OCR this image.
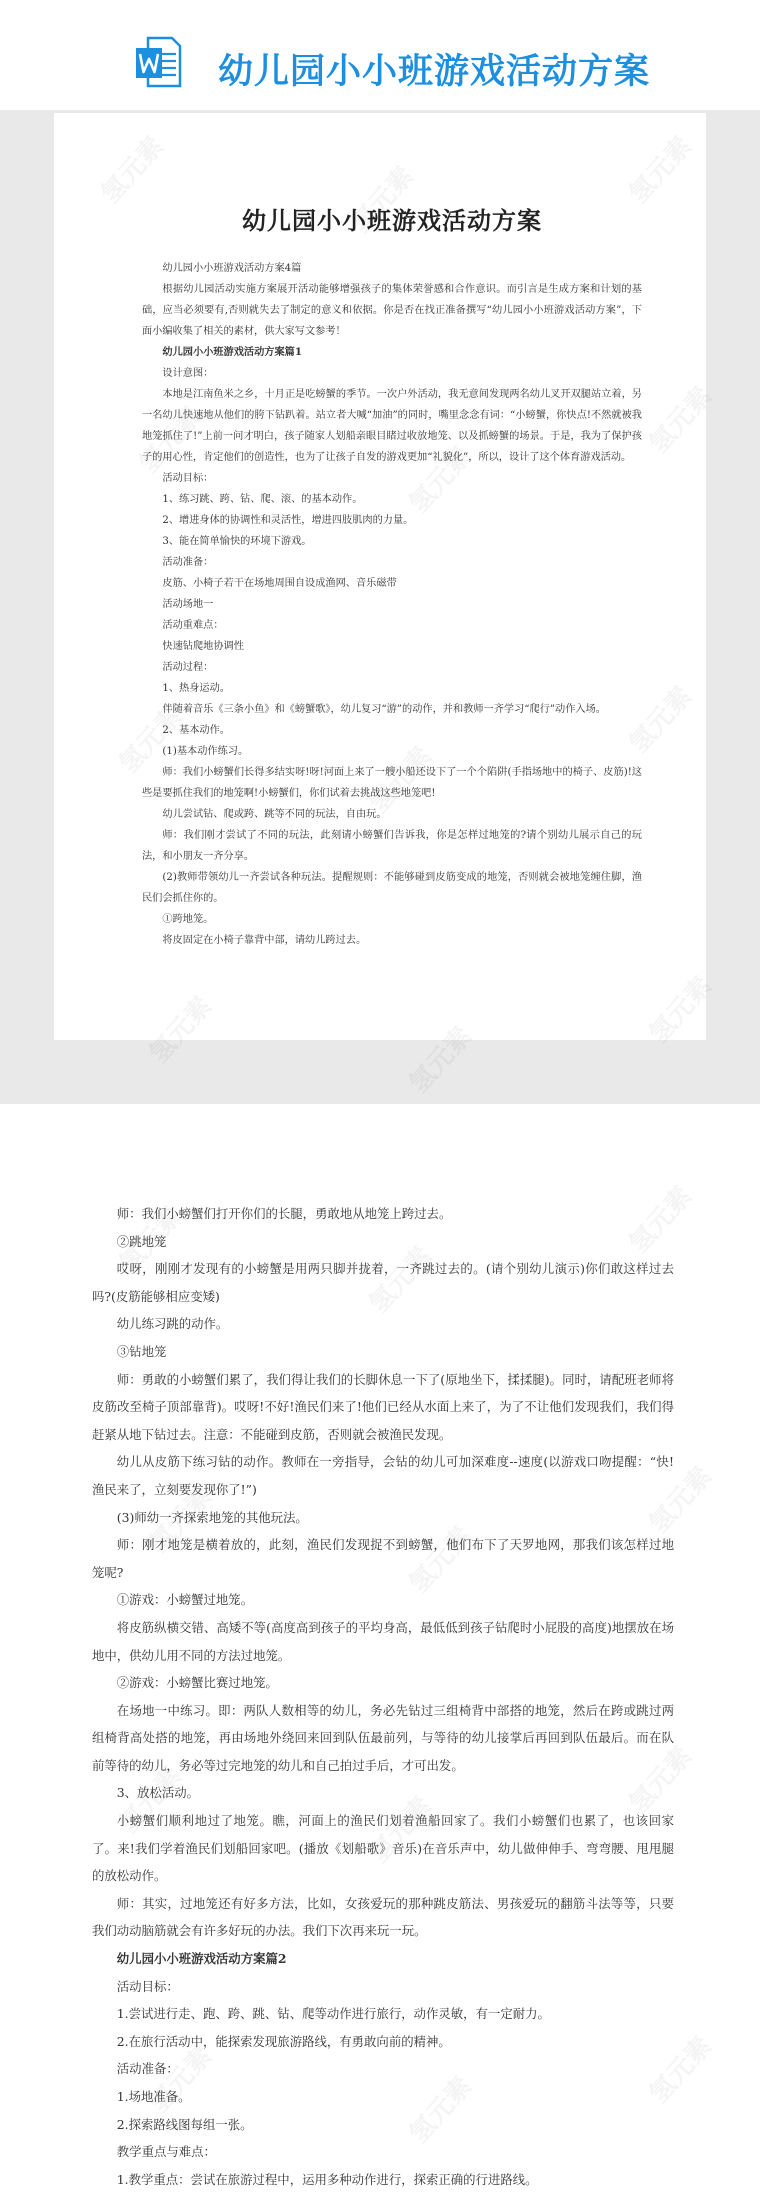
幼儿园小小班游戏活动方案
幼儿园小小班游戏活动方案

幼儿园小小班游戏活动方案4篇

根据幼儿园活动实施方案展开活动能够增强孩子的集体荣誉感和合作意识。而引言是生成方案和计划的基础，应当必须要有,否则就失去了制定的意义和依据。你是否在找正准备撰写“幼儿园小小班游戏活动方案”，下面小编收集了相关的素材，供大家写文参考！

幼儿园小小班游戏活动方案篇1

设计意图：

本地是江南鱼米之乡，十月正是吃螃蟹的季节。一次户外活动，我无意间发现两名幼儿叉开双腿站立着，另一名幼儿快速地从他们的胯下钻趴着。站立者大喊“加油”的同时，嘴里念念有词：“小螃蟹，你快点!不然就被我地笼抓住了!”上前一问才明白，孩子随家人划船亲眼目睹过收放地笼、以及抓螃蟹的场景。于是，我为了保护孩子的用心性，肯定他们的创造性，也为了让孩子自发的游戏更加“礼貌化”，所以，设计了这个体育游戏活动。

活动目标：

1、练习跳、跨、钻、爬、滚、的基本动作。

2、增进身体的协调性和灵活性，增进四肢肌肉的力量。

3、能在简单愉快的环境下游戏。

活动准备：

皮筋、小椅子若干在场地周围自设成渔网、音乐磁带

活动场地一

活动重难点：

快速钻爬地协调性

活动过程：

1、热身运动。

伴随着音乐《三条小鱼》和《螃蟹歌》，幼儿复习“游”的动作，并和教师一齐学习“爬行”动作入场。

2、基本动作。

(1)基本动作练习。

师：我们小螃蟹们长得多结实呀!呀!河面上来了一艘小船还设下了一个个陷阱(手指场地中的椅子、皮筋)!这些是要抓住我们的地笼啊!小螃蟹们，你们试着去挑战这些地笼吧!

幼儿尝试钻、爬或跨、跳等不同的玩法，自由玩。

师：我们刚才尝试了不同的玩法，此刻请小螃蟹们告诉我，你是怎样过地笼的?请个别幼儿展示自己的玩法，和小朋友一齐分享。

(2)教师带领幼儿一齐尝试各种玩法。提醒规则：不能够碰到皮筋变成的地笼，否则就会被地笼缠住脚，渔民们会抓住你的。

①跨地笼。

将皮固定在小椅子靠背中部，请幼儿跨过去。

师：我们小螃蟹们打开你们的长腿，勇敢地从地笼上跨过去。

②跳地笼

哎呀，刚刚才发现有的小螃蟹是用两只脚并拢着，一齐跳过去的。(请个别幼儿演示)你们敢这样过去吗?(皮筋能够相应变矮)

幼儿练习跳的动作。

③钻地笼

师：勇敢的小螃蟹们累了，我们得让我们的长脚休息一下了(原地坐下，揉揉腿)。同时，请配班老师将皮筋改至椅子顶部靠背)。哎呀!不好!渔民们来了!他们已经从水面上来了，为了不让他们发现我们，我们得赶紧从地下钻过去。注意：不能碰到皮筋，否则就会被渔民发现。

幼儿从皮筋下练习钻的动作。教师在一旁指导，会钻的幼儿可加深难度--速度(以游戏口吻提醒：“快!渔民来了，立刻要发现你了!”)

(3)师幼一齐探索地笼的其他玩法。

师：刚才地笼是横着放的，此刻，渔民们发现捉不到螃蟹，他们布下了天罗地网，那我们该怎样过地笼呢?

①游戏：小螃蟹过地笼。

将皮筋纵横交错、高矮不等(高度高到孩子的平均身高，最低低到孩子钻爬时小屁股的高度)地摆放在场地中，供幼儿用不同的方法过地笼。

②游戏：小螃蟹比赛过地笼。

在场地一中练习。即：两队人数相等的幼儿，务必先钻过三组椅背中部搭的地笼，然后在跨或跳过两组椅背高处搭的地笼，再由场地外绕回来回到队伍最前列，与等待的幼儿接掌后再回到队伍最后。而在队前等待的幼儿，务必等过完地笼的幼儿和自己拍过手后，才可出发。

3、放松活动。

小螃蟹们顺利地过了地笼。瞧，河面上的渔民们划着渔船回家了。我们小螃蟹们也累了，也该回家了。来!我们学着渔民们划船回家吧。(播放《划船歌》音乐)在音乐声中，幼儿做伸伸手、弯弯腰、甩甩腿的放松动作。

师：其实，过地笼还有好多方法，比如，女孩爱玩的那种跳皮筋法、男孩爱玩的翻筋斗法等等，只要我们动动脑筋就会有许多好玩的办法。我们下次再来玩一玩。

幼儿园小小班游戏活动方案篇2

活动目标：

1.尝试进行走、跑、跨、跳、钻、爬等动作进行旅行，动作灵敏，有一定耐力。

2.在旅行活动中，能探索发现旅游路线，有勇敢向前的精神。

活动准备：

1.场地准备。

2.探索路线图每组一张。

教学重点与难点：

1.教学重点：尝试在旅游过程中，运用多种动作进行，探索正确的行进路线。
